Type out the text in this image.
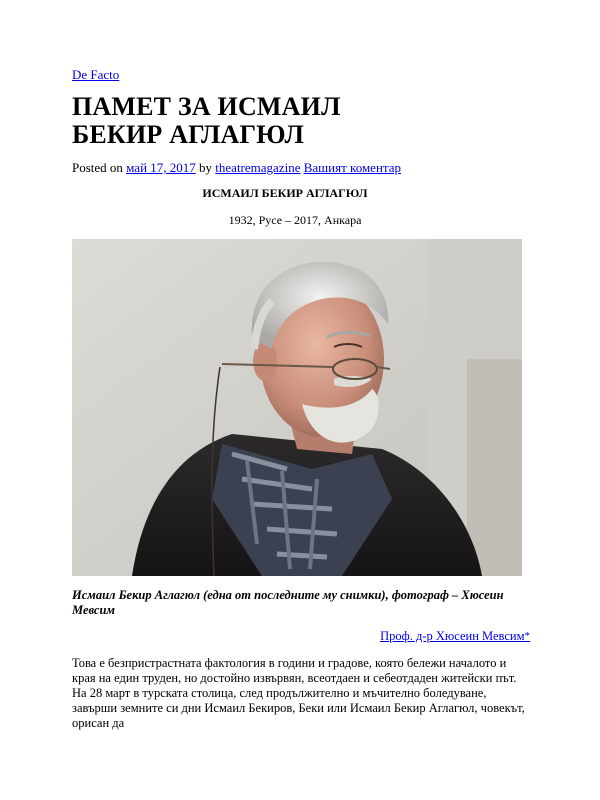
De Facto
ПАМЕТ ЗА ИСМАИЛ
БЕКИР АГЛАГЮЛ
Posted on май 17, 2017 by theatremagazine Вашият коментар
ИСМАИЛ БЕКИР АГЛАГЮЛ
1932, Русе – 2017, Анкара
Исмаил Бекир Аглагюл (една от последните му снимки), фотограф – Хюсеин Мевсим
Проф. д-р Хюсеин Мевсим*

Това е безпристрастната фактология в години и градове, която бележи началото и края на един труден, но достойно извървян, всеотдаен и себеотдаден житейски път. На 28 март в турската столица, след продължително и мъчително боледуване, завърши земните си дни Исмаил Бекиров, Беки или Исмаил Бекир Аглагюл, човекът, орисан да
